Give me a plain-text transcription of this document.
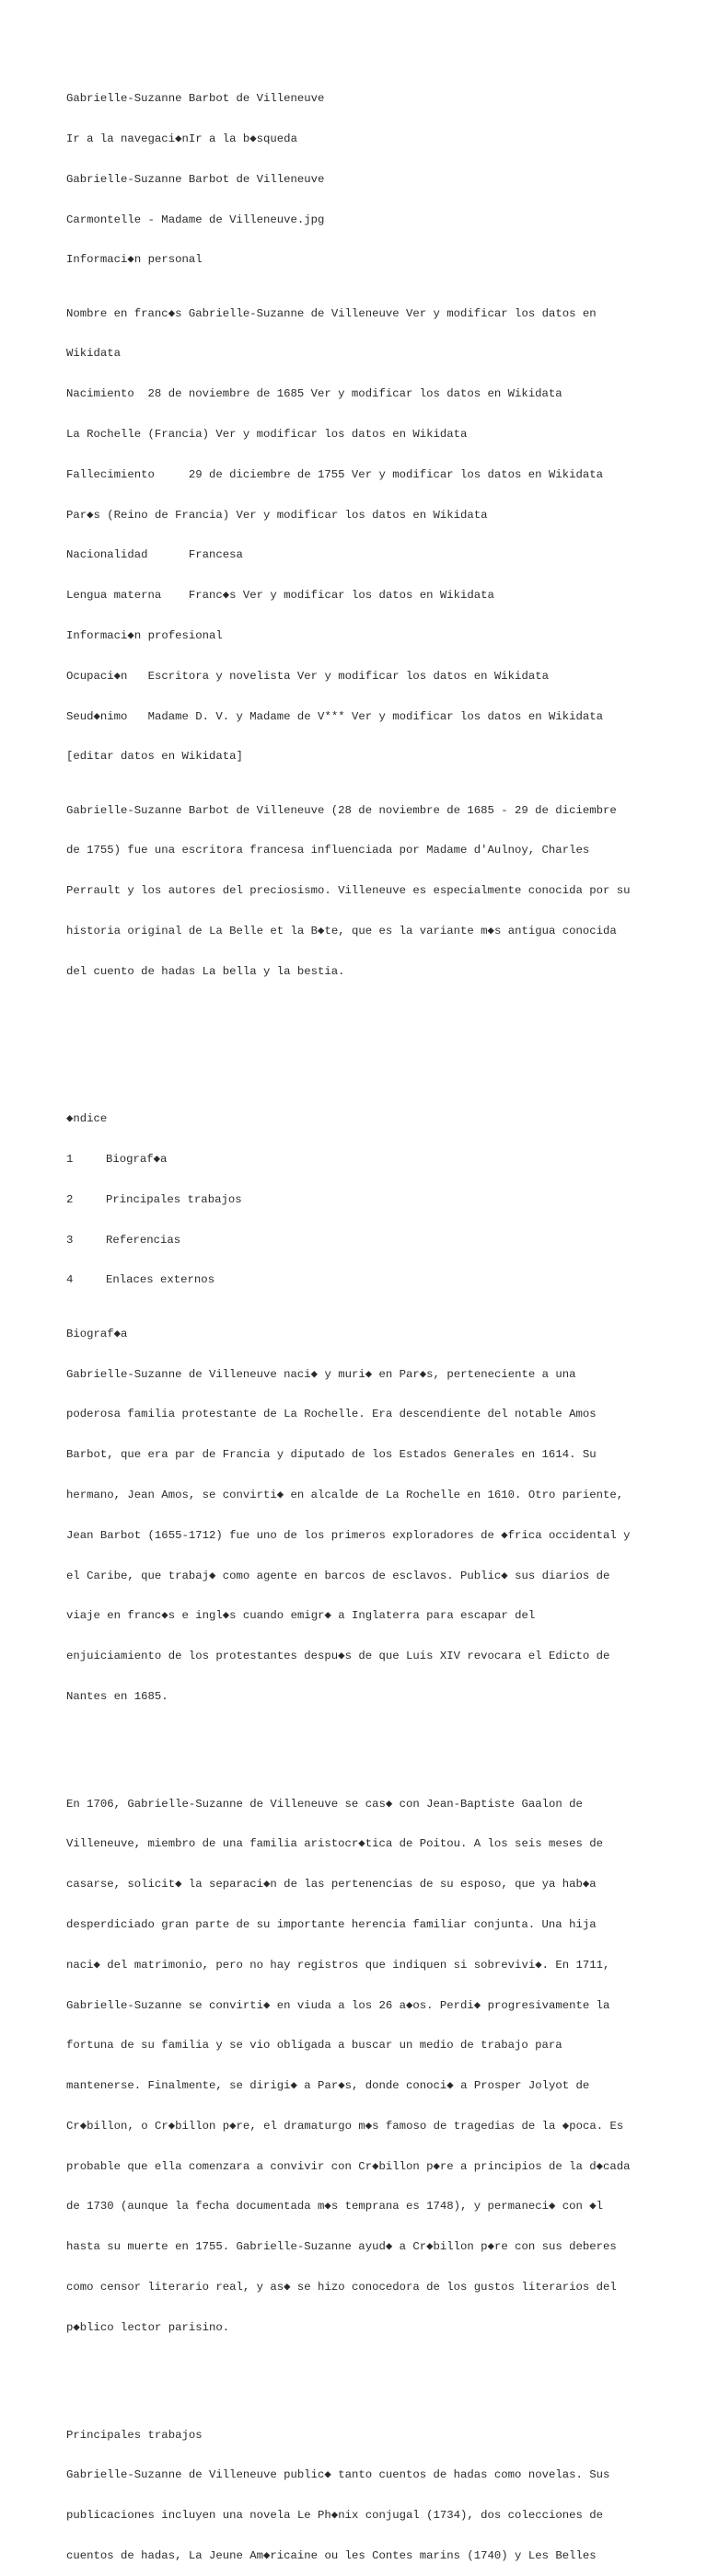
Gabrielle-Suzanne Barbot de Villeneuve

Ir a la navegaci◆nIr a la b◆squeda

Gabrielle-Suzanne Barbot de Villeneuve

Carmontelle - Madame de Villeneuve.jpg

Informaci◆n personal

Nombre en franc◆s Gabrielle-Suzanne de Villeneuve Ver y modificar los datos en

Wikidata

Nacimiento  28 de noviembre de 1685 Ver y modificar los datos en Wikidata

La Rochelle (Francia) Ver y modificar los datos en Wikidata

Fallecimiento     29 de diciembre de 1755 Ver y modificar los datos en Wikidata

Par◆s (Reino de Francia) Ver y modificar los datos en Wikidata

Nacionalidad      Francesa

Lengua materna    Franc◆s Ver y modificar los datos en Wikidata

Informaci◆n profesional

Ocupaci◆n   Escritora y novelista Ver y modificar los datos en Wikidata

Seud◆nimo   Madame D. V. y Madame de V*** Ver y modificar los datos en Wikidata

[editar datos en Wikidata]

Gabrielle-Suzanne Barbot de Villeneuve (28 de noviembre de 1685 - 29 de diciembre

de 1755) fue una escritora francesa influenciada por Madame d'Aulnoy, Charles

Perrault y los autores del preciosismo. Villeneuve es especialmente conocida por su

historia original de La Belle et la B◆te, que es la variante m◆s antigua conocida

del cuento de hadas La bella y la bestia.

◆ndice

1	Biograf◆a

2	Principales trabajos

3	Referencias

4	Enlaces externos

Biograf◆a

Gabrielle-Suzanne de Villeneuve naci◆ y muri◆ en Par◆s, perteneciente a una

poderosa familia protestante de La Rochelle. Era descendiente del notable Amos

Barbot, que era par de Francia y diputado de los Estados Generales en 1614. Su

hermano, Jean Amos, se convirti◆ en alcalde de La Rochelle en 1610. Otro pariente,

Jean Barbot (1655-1712) fue uno de los primeros exploradores de ◆frica occidental y

el Caribe, que trabaj◆ como agente en barcos de esclavos. Public◆ sus diarios de

viaje en franc◆s e ingl◆s cuando emigr◆ a Inglaterra para escapar del

enjuiciamiento de los protestantes despu◆s de que Luis XIV revocara el Edicto de

Nantes en 1685.

En 1706, Gabrielle-Suzanne de Villeneuve se cas◆ con Jean-Baptiste Gaalon de

Villeneuve, miembro de una familia aristocr◆tica de Poitou. A los seis meses de

casarse, solicit◆ la separaci◆n de las pertenencias de su esposo, que ya hab◆a

desperdiciado gran parte de su importante herencia familiar conjunta. Una hija

naci◆ del matrimonio, pero no hay registros que indiquen si sobrevivi◆. En 1711,

Gabrielle-Suzanne se convirti◆ en viuda a los 26 a◆os. Perdi◆ progresivamente la

fortuna de su familia y se vio obligada a buscar un medio de trabajo para

mantenerse. Finalmente, se dirigi◆ a Par◆s, donde conoci◆ a Prosper Jolyot de

Cr◆billon, o Cr◆billon p◆re, el dramaturgo m◆s famoso de tragedias de la ◆poca. Es

probable que ella comenzara a convivir con Cr◆billon p◆re a principios de la d◆cada

de 1730 (aunque la fecha documentada m◆s temprana es 1748), y permaneci◆ con ◆l

hasta su muerte en 1755. Gabrielle-Suzanne ayud◆ a Cr◆billon p◆re con sus deberes

como censor literario real, y as◆ se hizo conocedora de los gustos literarios del

p◆blico lector parisino.

Principales trabajos

Gabrielle-Suzanne de Villeneuve public◆ tanto cuentos de hadas como novelas. Sus

publicaciones incluyen una novela Le Ph◆nix conjugal (1734), dos colecciones de

cuentos de hadas, La Jeune Am◆ricaine ou les Contes marins (1740) y Les Belles
